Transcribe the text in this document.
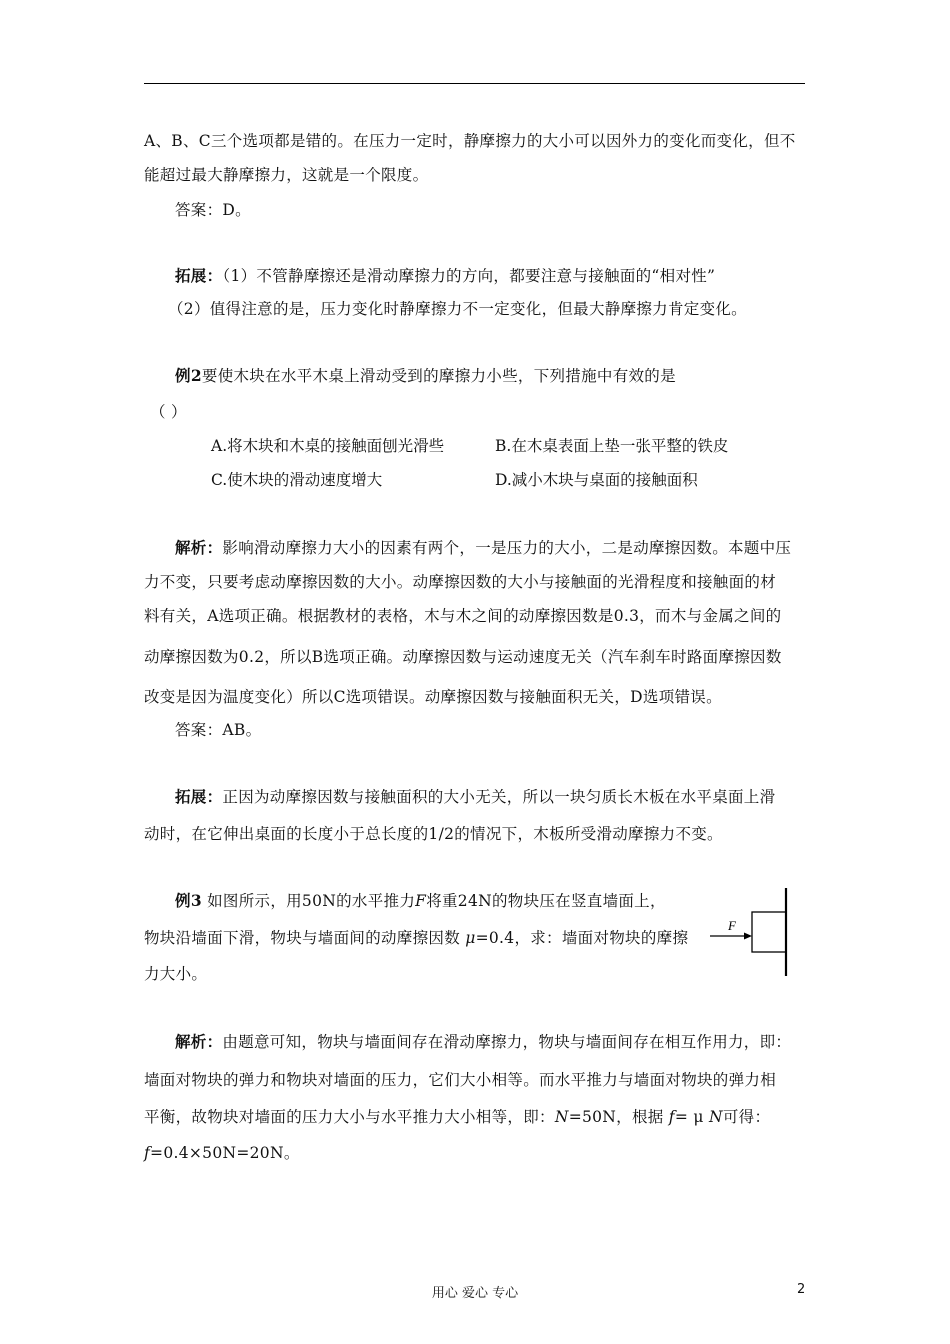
A、B、C三个选项都是错的。在压力一定时，静摩擦力的大小可以因外力的变化而变化，但不
能超过最大静摩擦力，这就是一个限度。
答案：D。
拓展：（1）不管静摩擦还是滑动摩擦力的方向，都要注意与接触面的“相对性”
（2）值得注意的是，压力变化时静摩擦力不一定变化，但最大静摩擦力肯定变化。
例2要使木块在水平木桌上滑动受到的摩擦力小些，下列措施中有效的是
（ ）
A.将木块和木桌的接触面刨光滑些	B.在木桌表面上垫一张平整的铁皮
C.使木块的滑动速度增大	D.减小木块与桌面的接触面积
解析：影响滑动摩擦力大小的因素有两个，一是压力的大小，二是动摩擦因数。本题中压
力不变，只要考虑动摩擦因数的大小。动摩擦因数的大小与接触面的光滑程度和接触面的材
料有关，A选项正确。根据教材的表格，木与木之间的动摩擦因数是0.3，而木与金属之间的
动摩擦因数为0.2，所以B选项正确。动摩擦因数与运动速度无关（汽车刹车时路面摩擦因数
改变是因为温度变化）所以C选项错误。动摩擦因数与接触面积无关，D选项错误。
答案：AB。
拓展：正因为动摩擦因数与接触面积的大小无关，所以一块匀质长木板在水平桌面上滑
动时，在它伸出桌面的长度小于总长度的1/2的情况下，木板所受滑动摩擦力不变。
例3 如图所示，用50N的水平推力F将重24N的物块压在竖直墙面上，
物块沿墙面下滑，物块与墙面间的动摩擦因数 μ=0.4，求：墙面对物块的摩擦
力大小。
F
解析：由题意可知，物块与墙面间存在滑动摩擦力，物块与墙面间存在相互作用力，即：
墙面对物块的弹力和物块对墙面的压力，它们大小相等。而水平推力与墙面对物块的弹力相
平衡，故物块对墙面的压力大小与水平推力大小相等，即：N=50N，根据 f= μ N可得：
f=0.4×50N=20N。
用心 爱心 专心	2
